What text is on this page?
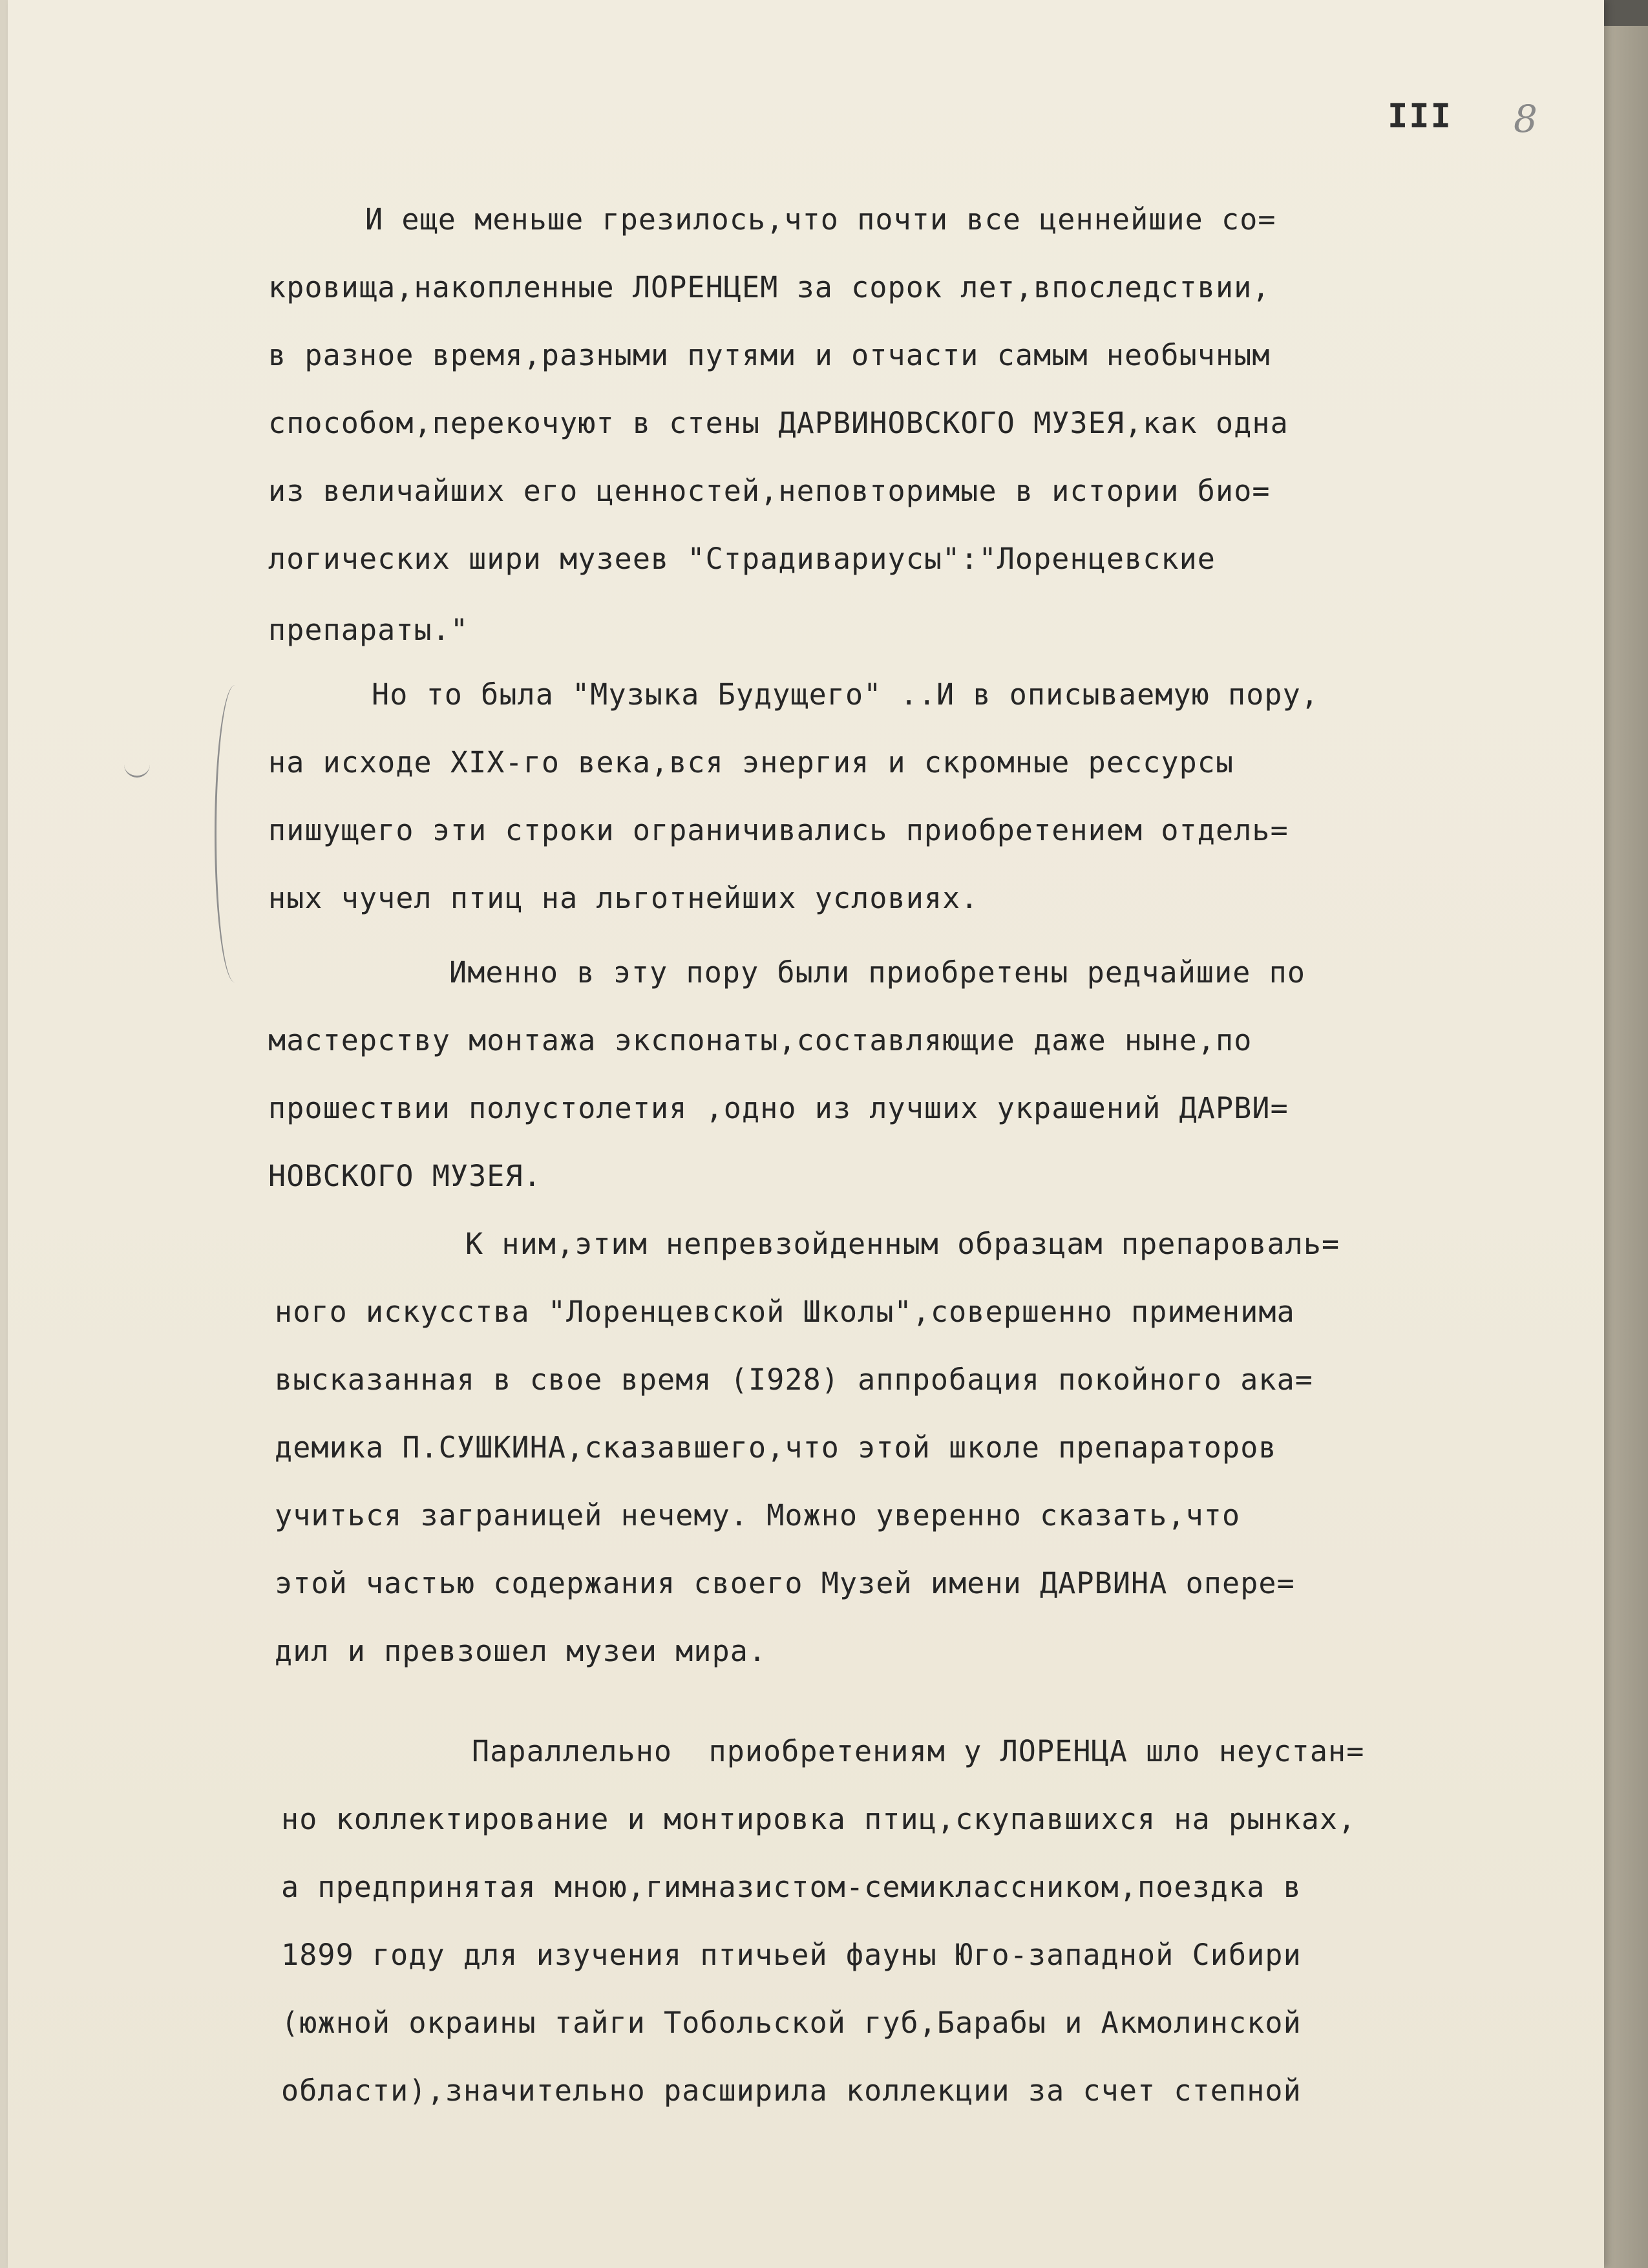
III 8
И еще меньше грезилось,что почти все ценнейшие со=
кровища,накопленные ЛОРЕНЦЕМ за сорок лет,впоследствии,
в разное время,разными путями и отчасти самым необычным
способом,перекочуют в стены ДАРВИНОВСКОГО МУЗЕЯ,как одна
из величайших его ценностей,неповторимые в истории био=
логических шири музеев "Страдивариусы":"Лоренцевские
препараты."
Но то была "Музыка Будущего" ..И в описываемую пору,
на исходе XIX-го века,вся энергия и скромные рессурсы
пишущего эти строки ограничивались приобретением отдель=
ных чучел птиц на льготнейших условиях.
Именно в эту пору были приобретены редчайшие по
мастерству монтажа экспонаты,составляющие даже ныне,по
прошествии полустолетия ,одно из лучших украшений ДАРВИ=
НОВСКОГО МУЗЕЯ.
К ним,этим непревзойденным образцам препароваль=
ного искусства "Лоренцевской Школы",совершенно применима
высказанная в свое время (I928) аппробация покойного ака=
демика П.СУШКИНА,сказавшего,что этой школе препараторов
учиться заграницей нечему. Можно уверенно сказать,что
этой частью содержания своего Музей имени ДАРВИНА опере=
дил и превзошел музеи мира.
Параллельно  приобретениям у ЛОРЕНЦА шло неустан=
но коллектирование и монтировка птиц,скупавшихся на рынках,
а предпринятая мною,гимназистом-семиклассником,поездка в
1899 году для изучения птичьей фауны Юго-западной Сибири
(южной окраины тайги Тобольской губ,Барабы и Акмолинской
области),значительно расширила коллекции за счет степной
